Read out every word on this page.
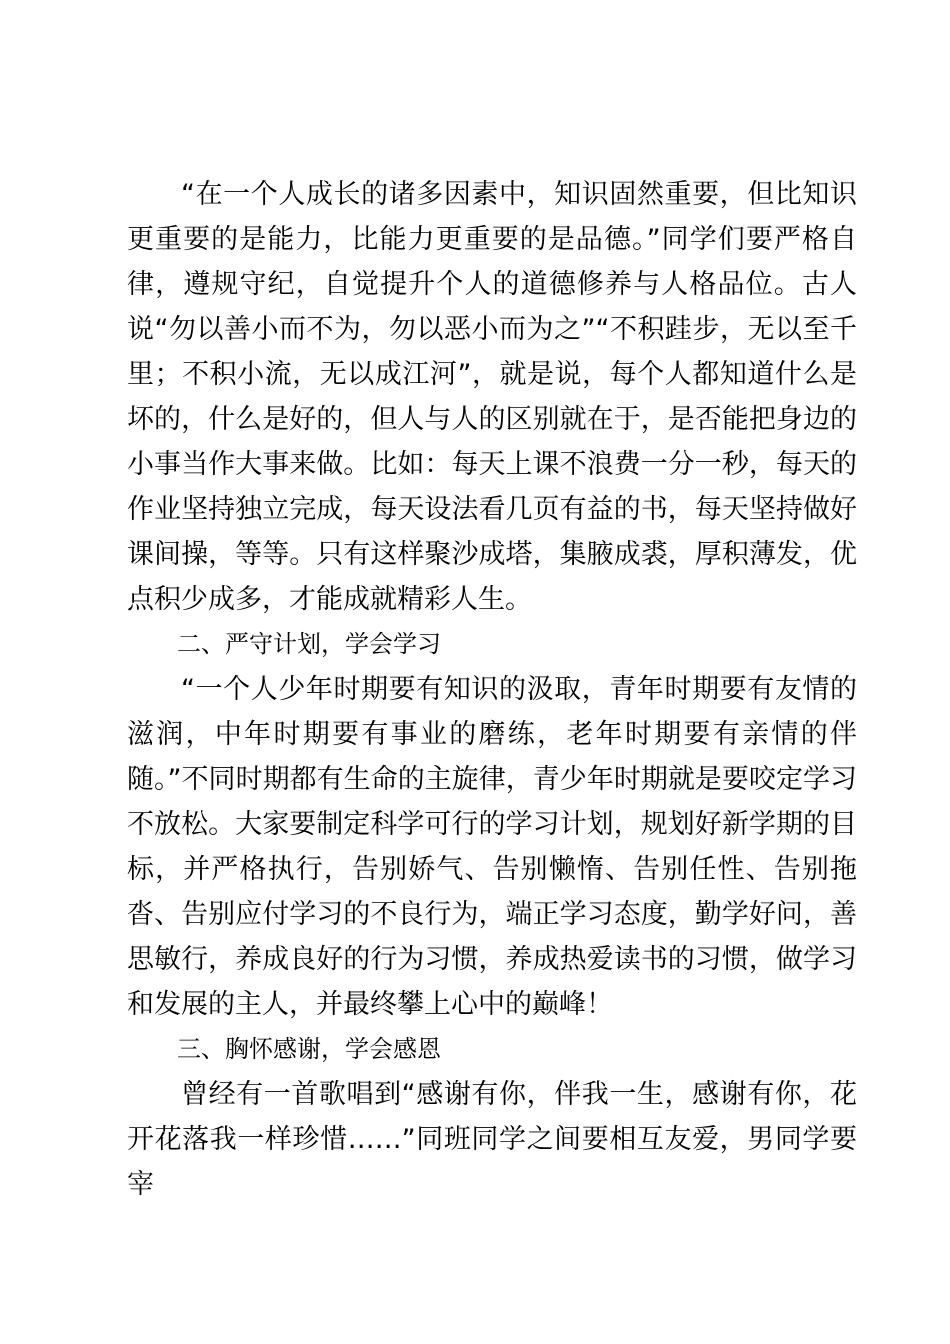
“在一个人成长的诸多因素中，知识固然重要，但比知识更重要的是能力，比能力更重要的是品德。”同学们要严格自律，遵规守纪，自觉提升个人的道德修养与人格品位。古人说“勿以善小而不为，勿以恶小而为之”“不积跬步，无以至千里；不积小流，无以成江河”，就是说，每个人都知道什么是坏的，什么是好的，但人与人的区别就在于，是否能把身边的小事当作大事来做。比如：每天上课不浪费一分一秒，每天的作业坚持独立完成，每天设法看几页有益的书，每天坚持做好课间操，等等。只有这样聚沙成塔，集腋成裘，厚积薄发，优点积少成多，才能成就精彩人生。

二、严守计划，学会学习

“一个人少年时期要有知识的汲取，青年时期要有友情的滋润，中年时期要有事业的磨练，老年时期要有亲情的伴随。”不同时期都有生命的主旋律，青少年时期就是要咬定学习不放松。大家要制定科学可行的学习计划，规划好新学期的目标，并严格执行，告别娇气、告别懒惰、告别任性、告别拖沓、告别应付学习的不良行为，端正学习态度，勤学好问，善思敏行，养成良好的行为习惯，养成热爱读书的习惯，做学习和发展的主人，并最终攀上心中的巅峰！

三、胸怀感谢，学会感恩

曾经有一首歌唱到“感谢有你，伴我一生，感谢有你，花开花落我一样珍惜……”同班同学之间要相互友爱，男同学要宰
